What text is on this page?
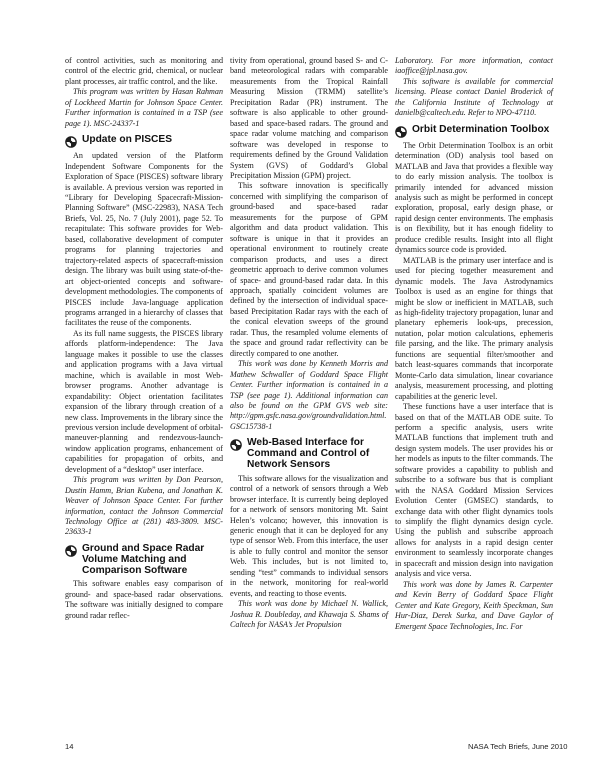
of control activities, such as monitoring and control of the electric grid, chemical, or nuclear plant processes, air traffic control, and the like.

This program was written by Hasan Rahman of Lockheed Martin for Johnson Space Center. Further information is contained in a TSP (see page 1). MSC-24337-1

Update on PISCES

An updated version of the Platform Independent Software Components for the Exploration of Space (PISCES) software library is available. A previous version was reported in “Library for Developing Spacecraft-Mission-Planning Software” (MSC-22983), NASA Tech Briefs, Vol. 25, No. 7 (July 2001), page 52. To recapitulate: This software provides for Web-based, collaborative development of computer programs for planning trajectories and trajectory-related aspects of spacecraft-mission design. The library was built using state-of-the-art object-oriented concepts and software-development methodologies. The components of PISCES include Java-language application programs arranged in a hierarchy of classes that facilitates the reuse of the components.

As its full name suggests, the PISCES library affords platform-independence: The Java language makes it possible to use the classes and application programs with a Java virtual machine, which is available in most Web-browser programs. Another advantage is expandability: Object orientation facilitates expansion of the library through creation of a new class. Improvements in the library since the previous version include development of orbital-maneuver-planning and rendezvous-launch-window application programs, enhancement of capabilities for propagation of orbits, and development of a “desktop” user interface.

This program was written by Don Pearson, Dustin Hamm, Brian Kubena, and Jonathan K. Weaver of Johnson Space Center. For further information, contact the Johnson Commercial Technology Office at (281) 483-3809. MSC-23633-1

Ground and Space Radar Volume Matching and Comparison Software

This software enables easy comparison of ground- and space-based radar observations. The software was initially designed to compare ground radar reflec-

tivity from operational, ground based S- and C-band meteorological radars with comparable measurements from the Tropical Rainfall Measuring Mission (TRMM) satellite’s Precipitation Radar (PR) instrument. The software is also applicable to other ground-based and space-based radars. The ground and space radar volume matching and comparison software was developed in response to requirements defined by the Ground Validation System (GVS) of Goddard’s Global Precipitation Mission (GPM) project.

This software innovation is specifically concerned with simplifying the comparison of ground-based and space-based radar measurements for the purpose of GPM algorithm and data product validation. This software is unique in that it provides an operational environment to routinely create comparison products, and uses a direct geometric approach to derive common volumes of space- and ground-based radar data. In this approach, spatially coincident volumes are defined by the intersection of individual space-based Precipitation Radar rays with the each of the conical elevation sweeps of the ground radar. Thus, the resampled volume elements of the space and ground radar reflectivity can be directly compared to one another.

This work was done by Kenneth Morris and Mathew Schwaller of Goddard Space Flight Center. Further information is contained in a TSP (see page 1). Additional information can also be found on the GPM GVS web site: http://gpm.gsfc.nasa.gov/groundvalidation.html. GSC15738-1

Web-Based Interface for Command and Control of Network Sensors

This software allows for the visualization and control of a network of sensors through a Web browser interface. It is currently being deployed for a network of sensors monitoring Mt. Saint Helen’s volcano; however, this innovation is generic enough that it can be deployed for any type of sensor Web. From this interface, the user is able to fully control and monitor the sensor Web. This includes, but is not limited to, sending “test” commands to individual sensors in the network, monitoring for real-world events, and reacting to those events.

This work was done by Michael N. Wallick, Joshua R. Doubleday, and Khawaja S. Shams of Caltech for NASA’s Jet Propulsion

Laboratory. For more information, contact iaoffice@jpl.nasa.gov.

This software is available for commercial licensing. Please contact Daniel Broderick of the California Institute of Technology at danielb@caltech.edu. Refer to NPO-47110.

Orbit Determination Toolbox

The Orbit Determination Toolbox is an orbit determination (OD) analysis tool based on MATLAB and Java that provides a flexible way to do early mission analysis. The toolbox is primarily intended for advanced mission analysis such as might be performed in concept exploration, proposal, early design phase, or rapid design center environments. The emphasis is on flexibility, but it has enough fidelity to produce credible results. Insight into all flight dynamics source code is provided.

MATLAB is the primary user interface and is used for piecing together measurement and dynamic models. The Java Astrodynamics Toolbox is used as an engine for things that might be slow or inefficient in MATLAB, such as high-fidelity trajectory propagation, lunar and planetary ephemeris look-ups, precession, nutation, polar motion calculations, ephemeris file parsing, and the like. The primary analysis functions are sequential filter/smoother and batch least-squares commands that incorporate Monte-Carlo data simulation, linear covariance analysis, measurement processing, and plotting capabilities at the generic level.

These functions have a user interface that is based on that of the MATLAB ODE suite. To perform a specific analysis, users write MATLAB functions that implement truth and design system models. The user provides his or her models as inputs to the filter commands. The software provides a capability to publish and subscribe to a software bus that is compliant with the NASA Goddard Mission Services Evolution Center (GMSEC) standards, to exchange data with other flight dynamics tools to simplify the flight dynamics design cycle. Using the publish and subscribe approach allows for analysts in a rapid design center environment to seamlessly incorporate changes in spacecraft and mission design into navigation analysis and vice versa.

This work was done by James R. Carpenter and Kevin Berry of Goddard Space Flight Center and Kate Gregory, Keith Speckman, Sun Hur-Diaz, Derek Surka, and Dave Gaylor of Emergent Space Technologies, Inc. For

14	NASA Tech Briefs, June 2010
